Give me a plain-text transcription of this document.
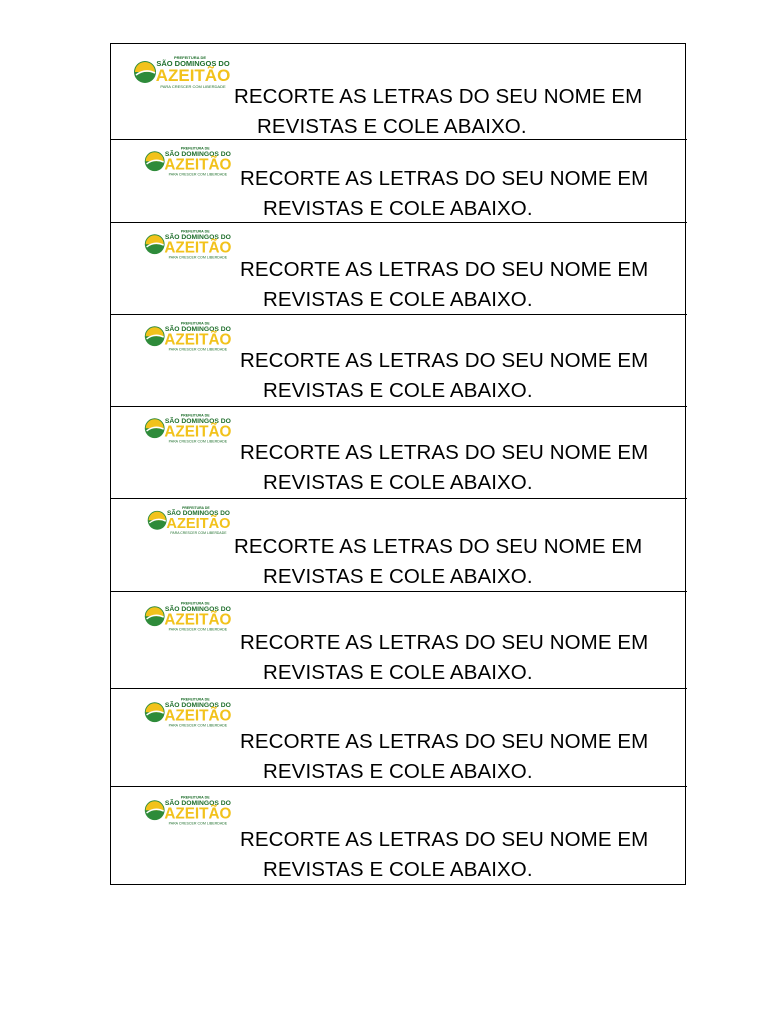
PREFEITURA DE
SÃO DOMINGOS DO
AZEITÃO
PARA CRESCER COM LIBERDADE RECORTE AS LETRAS DO SEU NOME EM
REVISTAS E COLE ABAIXO.
PREFEITURA DE
SÃO DOMINGOS DO
AZEITÃO
PARA CRESCER COM LIBERDADE RECORTE AS LETRAS DO SEU NOME EM
REVISTAS E COLE ABAIXO.
PREFEITURA DE
SÃO DOMINGOS DO
AZEITÃO
PARA CRESCER COM LIBERDADE
RECORTE AS LETRAS DO SEU NOME EM
REVISTAS E COLE ABAIXO.
PREFEITURA DE
SÃO DOMINGOS DO
AZEITÃO
PARA CRESCER COM LIBERDADE RECORTE AS LETRAS DO SEU NOME EM
REVISTAS E COLE ABAIXO.
PREFEITURA DE
SÃO DOMINGOS DO
AZEITÃO
PARA CRESCER COM LIBERDADE RECORTE AS LETRAS DO SEU NOME EM
REVISTAS E COLE ABAIXO.
PREFEITURA DE
SÃO DOMINGOS DO
AZEITÃO
PARA CRESCER COM LIBERDADE
RECORTE AS LETRAS DO SEU NOME EM
REVISTAS E COLE ABAIXO.
PREFEITURA DE
SÃO DOMINGOS DO
AZEITÃO
PARA CRESCER COM LIBERDADE
RECORTE AS LETRAS DO SEU NOME EM
REVISTAS E COLE ABAIXO.
PREFEITURA DE
SÃO DOMINGOS DO
AZEITÃO
PARA CRESCER COM LIBERDADE
RECORTE AS LETRAS DO SEU NOME EM
REVISTAS E COLE ABAIXO.
PREFEITURA DE
SÃO DOMINGOS DO
AZEITÃO
PARA CRESCER COM LIBERDADE
RECORTE AS LETRAS DO SEU NOME EM
REVISTAS E COLE ABAIXO.
